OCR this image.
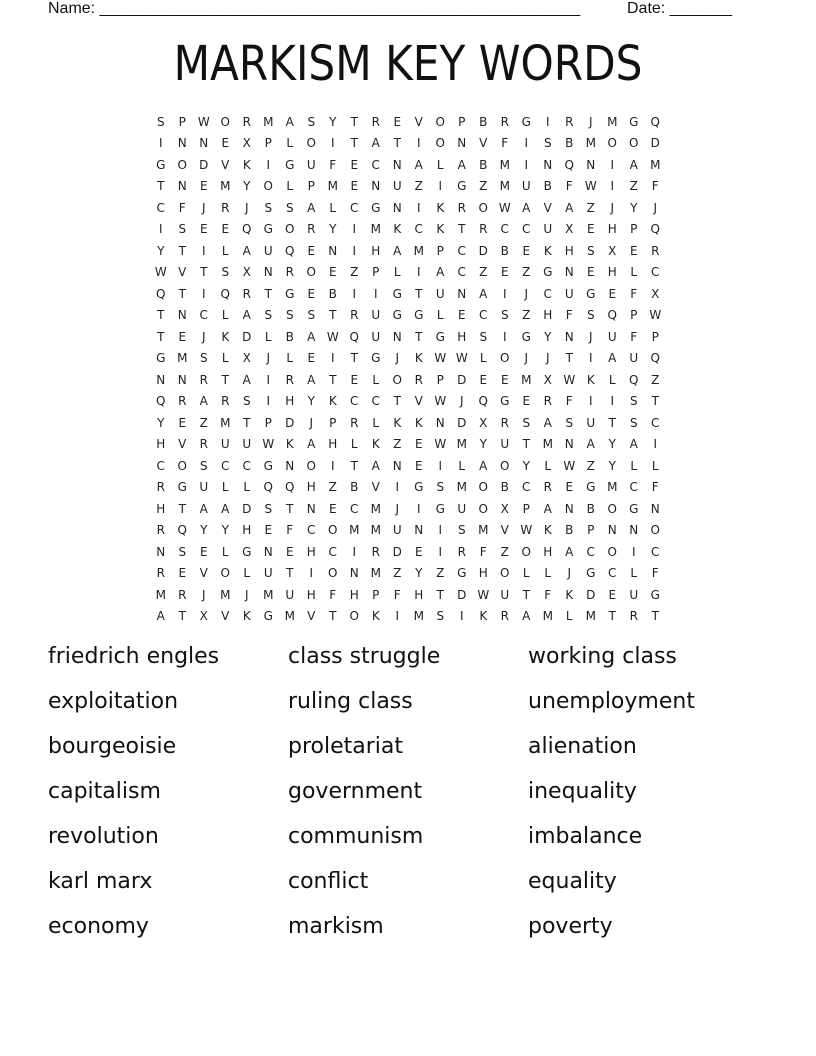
Name: ______________________________________________________	Date: _______
MARKISM KEY WORDS
S	P W O	R	M	A	S	Y	T	R	E	V	O	P	B	R	G	I	R	J	M G	Q
I	N	N	E	X	P	L	O	I	T	A	T	I	O	N	V	F	I	S	B	M O	O	D
G	O	D	V	K	I	G	U	F	E	C	N	A	L	A	B	M	I	N	Q	N	I	A	M
T	N	E	M	Y	O	L	P	M	E	N	U	Z	I	G	Z	M U	B	F	W	I	Z	F
C	F	J	R	J	S	S	A	L	C	G	N	I	K	R	O W A	V	A	Z	J	Y	J
I	S	E	E	Q	G	O	R	Y	I	M	K	C	K	T	R	C	C	U	X	E	H	P	Q
Y	T	I	L	A	U	Q	E	N	I	H	A	M	P	C	D	B	E	K	H	S	X	E	R
W V	T	S	X	N	R	O	E	Z	P	L	I	A	C	Z	E	Z	G	N	E	H	L	C
Q	T	I	Q	R	T	G	E	B	I	I	G	T	U	N	A	I	J	C	U	G	E	F	X
T	N	C	L	A	S	S	S	T	R	U	G	G	L	E	C	S	Z	H	F	S	Q	P W
T	E	J	K	D	L	B	A W Q	U	N	T	G	H	S	I	G	Y	N	J	U	F	P
G M	S	L	X	J	L	E	I	T	G	J	K W W	L	O	J	J	T	I	A	U	Q
N	N	R	T	A	I	R	A	T	E	L	O	R	P	D	E	E	M	X W K	L	Q	Z
Q	R	A	R	S	I	H	Y	K	C	C	T	V W	J	Q	G	E	R	F	I	I	S	T
Y	E	Z	M	T	P	D	J	P	R	L	K	K	N	D	X	R	S	A	S	U	T	S	C
H	V	R	U	U W K	A	H	L	K	Z	E W M	Y	U	T	M N	A	Y	A	I
C	O	S	C	C	G	N	O	I	T	A	N	E	I	L	A	O	Y	L	W Z	Y	L	L
R	G	U	L	L	Q	Q	H	Z	B	V	I	G	S	M O	B	C	R	E	G M	C	F
H	T	A	A	D	S	T	N	E	C	M	J	I	G	U	O	X	P	A	N	B	O	G	N
R	Q	Y	Y	H	E	F	C	O M M U	N	I	S	M	V W K	B	P	N	N	O
N	S	E	L	G	N	E	H	C	I	R	D	E	I	R	F	Z	O	H	A	C	O	I	C
R	E	V	O	L	U	T	I	O	N M	Z	Y	Z	G	H	O	L	L	J	G	C	L	F
M	R	J	M	J	M U	H	F	H	P	F	H	T	D W U	T	F	K	D	E	U	G
A	T	X	V	K	G M	V	T	O	K	I	M	S	I	K	R	A	M	L	M	T	R	T
friedrich engles	class struggle	working class
exploitation	ruling class	unemployment
bourgeoisie	proletariat	alienation
capitalism	government	inequality
revolution	communism	imbalance
karl marx	conflict	equality
economy	markism	poverty
